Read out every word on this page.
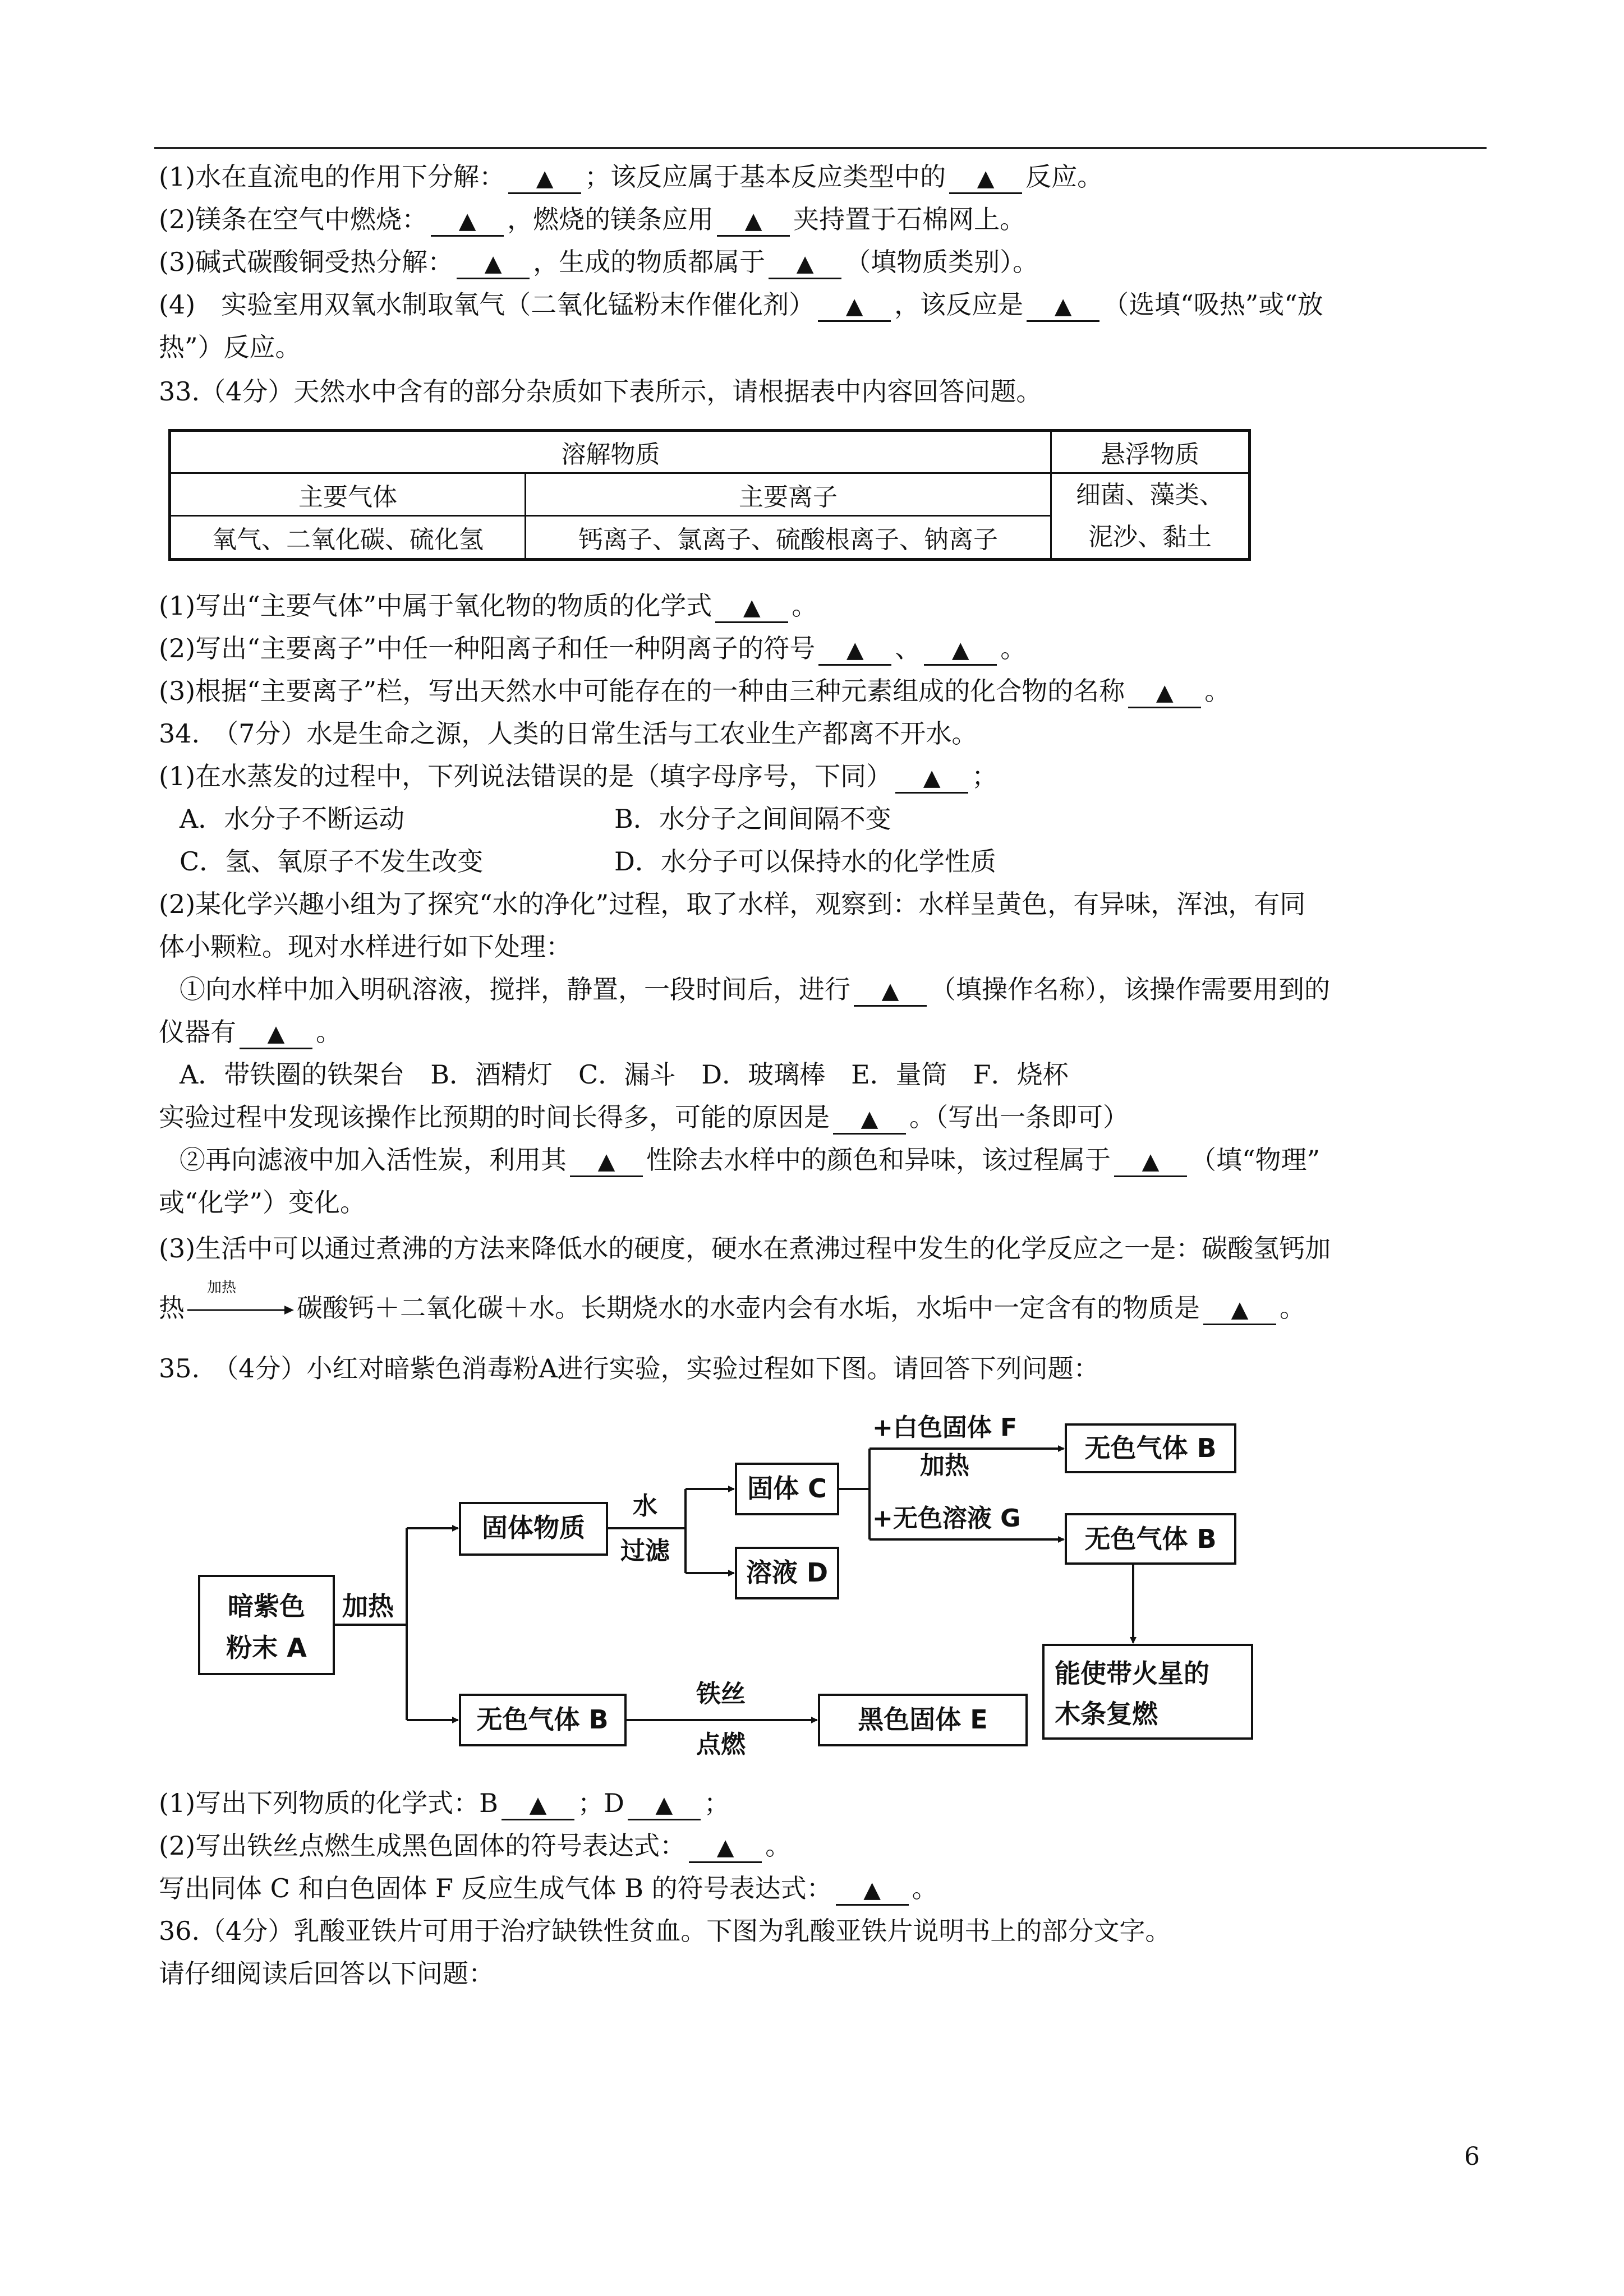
(1)水在直流电的作用下分解： ▲ ；该反应属于基本反应类型中的 ▲ 反应。
(2)镁条在空气中燃烧： ▲ ，燃烧的镁条应用 ▲ 夹持置于石棉网上。
(3)碱式碳酸铜受热分解： ▲ ，生成的物质都属于 ▲ （填物质类别）。
(4)　实验室用双氧水制取氧气（二氧化锰粉末作催化剂） ▲ ，该反应是 ▲ （选填“吸热”或“放
热”）反应。
33.（4分）天然水中含有的部分杂质如下表所示，请根据表中内容回答问题。
溶解物质		悬浮物质
主要气体	主要离子	细菌、藻类、
泥沙、黏土
氧气、二氧化碳、硫化氢	钙离子、氯离子、硫酸根离子、钠离子	
(1)写出“主要气体”中属于氧化物的物质的化学式 ▲ 。
(2)写出“主要离子”中任一种阳离子和任一种阴离子的符号 ▲ 、 ▲ 。
(3)根据“主要离子”栏，写出天然水中可能存在的一种由三种元素组成的化合物的名称 ▲ 。
34.　（7分）水是生命之源，人类的日常生活与工农业生产都离不开水。
(1)在水蒸发的过程中，下列说法错误的是（填字母序号，下同） ▲ ；
A．水分子不断运动	B．水分子之间间隔不变
C．氢、氧原子不发生改变	D．水分子可以保持水的化学性质
(2)某化学兴趣小组为了探究“水的净化”过程，取了水样，观察到：水样呈黄色，有异味，浑浊，有同
体小颗粒。现对水样进行如下处理：
①向水样中加入明矾溶液，搅拌，静置，一段时间后，进行 ▲ （填操作名称），该操作需要用到的
仪器有 ▲ 。
A．带铁圈的铁架台　B．酒精灯　C．漏斗　D．玻璃棒　E．量筒　F．烧杯
实验过程中发现该操作比预期的时间长得多，可能的原因是 ▲ 。（写出一条即可）
②再向滤液中加入活性炭，利用其 ▲ 性除去水样中的颜色和异味，该过程属于 ▲ （填“物理”
或“化学”）变化。
(3)生活中可以通过煮沸的方法来降低水的硬度，硬水在煮沸过程中发生的化学反应之一是：碳酸氢钙加
热
加热
碳酸钙＋二氧化碳＋水。长期烧水的水壶内会有水垢，水垢中一定含有的物质是 ▲ 。
35.　（4分）小红对暗紫色消毒粉A进行实验，实验过程如下图。请回答下列问题：
暗紫色
粉末 A
加热
固体物质
水
过滤
固体 C
溶液 D
+白色固体 F
加热
无色气体 B
+无色溶液 G
无色气体 B
能使带火星的
木条复燃
无色气体 B
铁丝
点燃
黑色固体 E
(1)写出下列物质的化学式：B ▲ ；D ▲ ；
(2)写出铁丝点燃生成黑色固体的符号表达式： ▲ 。
写出同体 C 和白色固体 F 反应生成气体 B 的符号表达式： ▲ 。
36.（4分）乳酸亚铁片可用于治疗缺铁性贫血。下图为乳酸亚铁片说明书上的部分文字。
请仔细阅读后回答以下问题：
6
